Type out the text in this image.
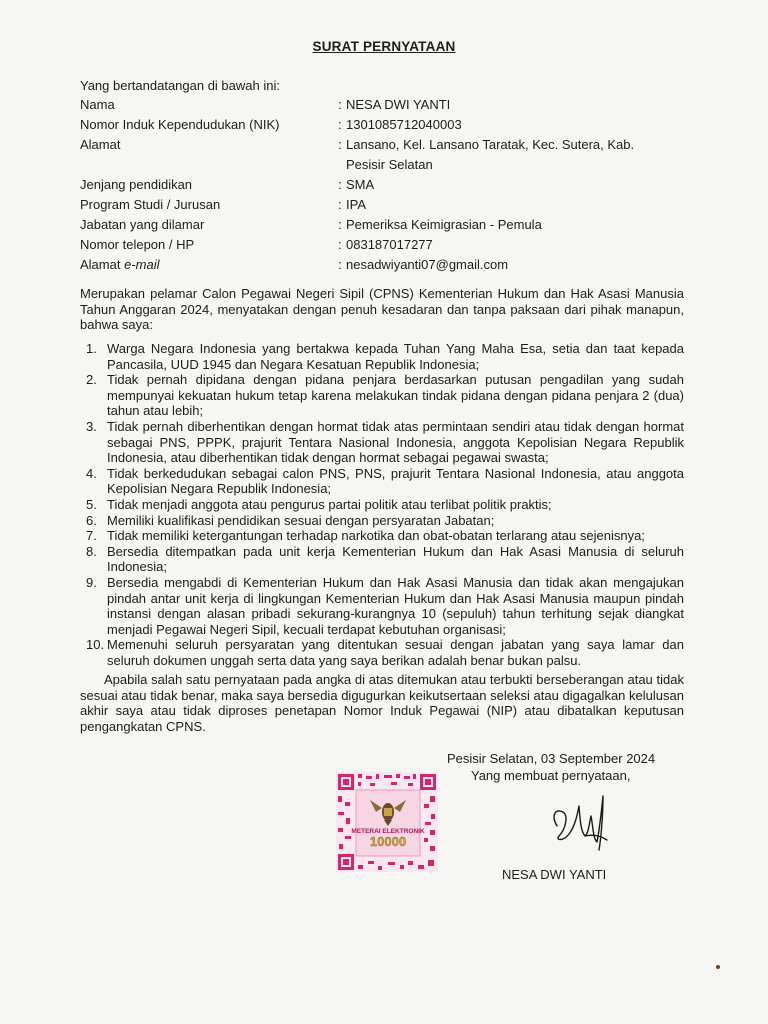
SURAT PERNYATAAN
Yang bertandatangan di bawah ini:
Nama	: NESA DWI YANTI
Nomor Induk Kependudukan (NIK)	: 1301085712040003
Alamat	: Lansano, Kel. Lansano Taratak, Kec. Sutera, Kab.
Pesisir Selatan
Jenjang pendidikan	: SMA
Program Studi / Jurusan	: IPA
Jabatan yang dilamar	: Pemeriksa Keimigrasian - Pemula
Nomor telepon / HP	: 083187017277
Alamat e-mail	: nesadwiyanti07@gmail.com
Merupakan pelamar Calon Pegawai Negeri Sipil (CPNS) Kementerian Hukum dan Hak Asasi Manusia Tahun Anggaran 2024, menyatakan dengan penuh kesadaran dan tanpa paksaan dari pihak manapun, bahwa saya:
1. Warga Negara Indonesia yang bertakwa kepada Tuhan Yang Maha Esa, setia dan taat kepada Pancasila, UUD 1945 dan Negara Kesatuan Republik Indonesia;
2. Tidak pernah dipidana dengan pidana penjara berdasarkan putusan pengadilan yang sudah mempunyai kekuatan hukum tetap karena melakukan tindak pidana dengan pidana penjara 2 (dua) tahun atau lebih;
3. Tidak pernah diberhentikan dengan hormat tidak atas permintaan sendiri atau tidak dengan hormat sebagai PNS, PPPK, prajurit Tentara Nasional Indonesia, anggota Kepolisian Negara Republik Indonesia, atau diberhentikan tidak dengan hormat sebagai pegawai swasta;
4. Tidak berkedudukan sebagai calon PNS, PNS, prajurit Tentara Nasional Indonesia, atau anggota Kepolisian Negara Republik Indonesia;
5. Tidak menjadi anggota atau pengurus partai politik atau terlibat politik praktis;
6. Memiliki kualifikasi pendidikan sesuai dengan persyaratan Jabatan;
7. Tidak memiliki ketergantungan terhadap narkotika dan obat-obatan terlarang atau sejenisnya;
8. Bersedia ditempatkan pada unit kerja Kementerian Hukum dan Hak Asasi Manusia di seluruh Indonesia;
9. Bersedia mengabdi di Kementerian Hukum dan Hak Asasi Manusia dan tidak akan mengajukan pindah antar unit kerja di lingkungan Kementerian Hukum dan Hak Asasi Manusia maupun pindah instansi dengan alasan pribadi sekurang-kurangnya 10 (sepuluh) tahun terhitung sejak diangkat menjadi Pegawai Negeri Sipil, kecuali terdapat kebutuhan organisasi;
10. Memenuhi seluruh persyaratan yang ditentukan sesuai dengan jabatan yang saya lamar dan seluruh dokumen unggah serta data yang saya berikan adalah benar bukan palsu.
Apabila salah satu pernyataan pada angka di atas ditemukan atau terbukti berseberangan atau tidak sesuai atau tidak benar, maka saya bersedia digugurkan keikutsertaan seleksi atau digagalkan kelulusan akhir saya atau tidak diproses penetapan Nomor Induk Pegawai (NIP) atau dibatalkan keputusan pengangkatan CPNS.
Pesisir Selatan, 03 September 2024
Yang membuat pernyataan,
METERAI ELEKTRONIK
10000
NESA DWI YANTI
